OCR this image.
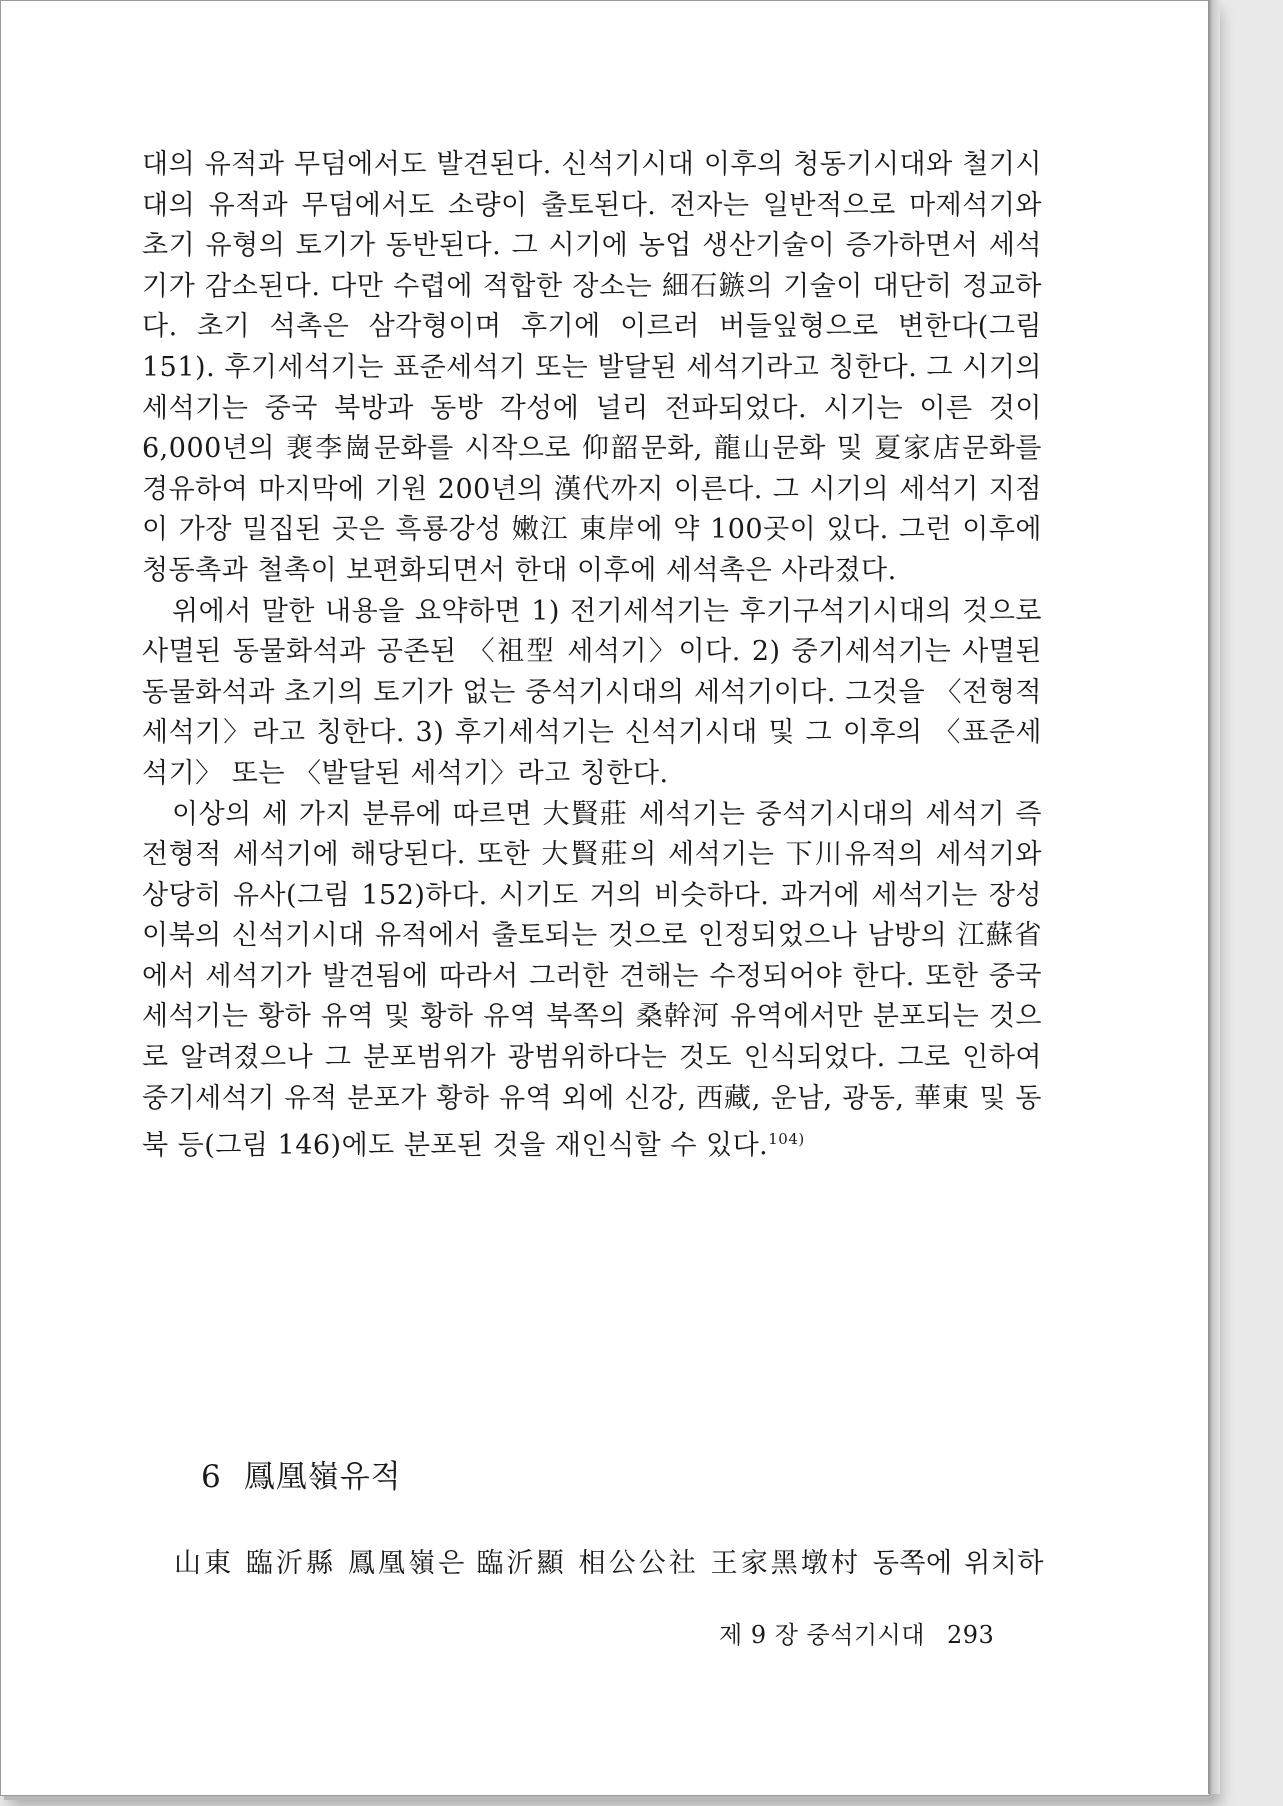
대의 유적과 무덤에서도 발견된다. 신석기시대 이후의 청동기시대와 철기시대의 유적과 무덤에서도 소량이 출토된다. 전자는 일반적으로 마제석기와 초기 유형의 토기가 동반된다. 그 시기에 농업 생산기술이 증가하면서 세석기가 감소된다. 다만 수렵에 적합한 장소는 細石鏃의 기술이 대단히 정교하다. 초기 석촉은 삼각형이며 후기에 이르러 버들잎형으로 변한다(그림 151). 후기세석기는 표준세석기 또는 발달된 세석기라고 칭한다. 그 시기의 세석기는 중국 북방과 동방 각성에 널리 전파되었다. 시기는 이른 것이 6,000년의 裵李崗문화를 시작으로 仰韶문화, 龍山문화 및 夏家店문화를 경유하여 마지막에 기원 200년의 漢代까지 이른다. 그 시기의 세석기 지점이 가장 밀집된 곳은 흑룡강성 嫩江 東岸에 약 100곳이 있다. 그런 이후에 청동촉과 철촉이 보편화되면서 한대 이후에 세석촉은 사라졌다.

위에서 말한 내용을 요약하면 1) 전기세석기는 후기구석기시대의 것으로 사멸된 동물화석과 공존된 〈祖型 세석기〉이다. 2) 중기세석기는 사멸된 동물화석과 초기의 토기가 없는 중석기시대의 세석기이다. 그것을 〈전형적 세석기〉라고 칭한다. 3) 후기세석기는 신석기시대 및 그 이후의 〈표준세석기〉 또는 〈발달된 세석기〉라고 칭한다.

이상의 세 가지 분류에 따르면 大賢莊 세석기는 중석기시대의 세석기 즉 전형적 세석기에 해당된다. 또한 大賢莊의 세석기는 下川유적의 세석기와 상당히 유사(그림 152)하다. 시기도 거의 비슷하다. 과거에 세석기는 장성 이북의 신석기시대 유적에서 출토되는 것으로 인정되었으나 남방의 江蘇省에서 세석기가 발견됨에 따라서 그러한 견해는 수정되어야 한다. 또한 중국 세석기는 황하 유역 및 황하 유역 북쪽의 桑幹河 유역에서만 분포되는 것으로 알려졌으나 그 분포범위가 광범위하다는 것도 인식되었다. 그로 인하여 중기세석기 유적 분포가 황하 유역 외에 신강, 西藏, 운남, 광동, 華東 및 동북 등(그림 146)에도 분포된 것을 재인식할 수 있다.$^{104)}$

6 鳳凰嶺유적
山東 臨沂縣 鳳凰嶺은 臨沂顯 相公公社 王家黑墩村 동쪽에 위치하
제 9 장 중석기시대 293
